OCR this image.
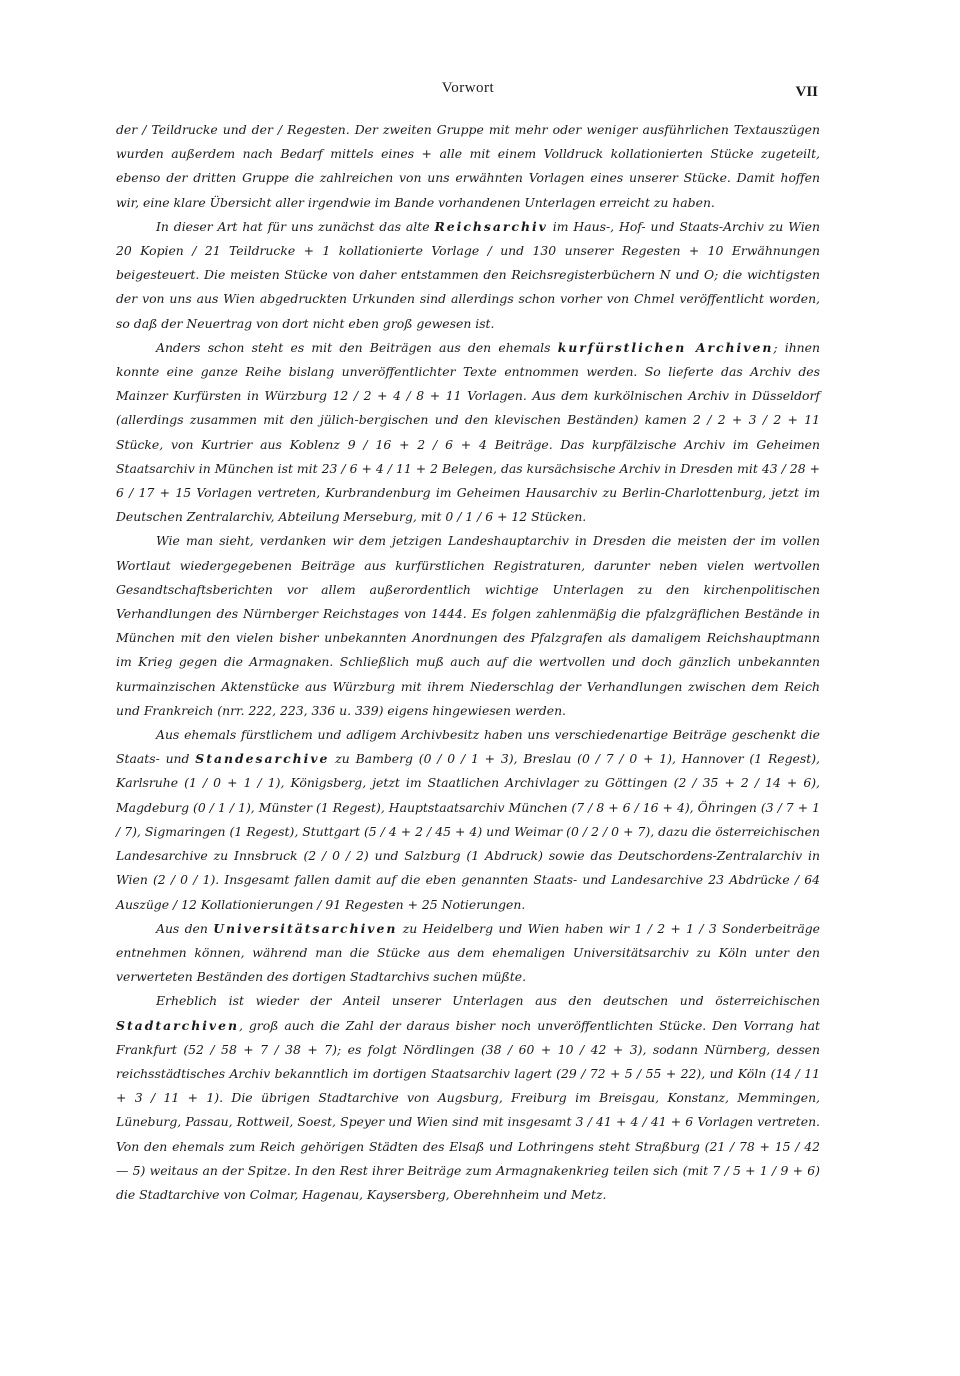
Vorwort	VII

der / Teildrucke und der / Regesten. Der zweiten Gruppe mit mehr oder weniger ausführlichen Textauszügen wurden außerdem nach Bedarf mittels eines + alle mit einem Volldruck kollationierten Stücke zugeteilt, ebenso der dritten Gruppe die zahlreichen von uns erwähnten Vorlagen eines unserer Stücke. Damit hoffen wir, eine klare Übersicht aller irgendwie im Bande vorhandenen Unterlagen erreicht zu haben.

In dieser Art hat für uns zunächst das alte Reichsarchiv im Haus-, Hof- und Staats-Archiv zu Wien 20 Kopien / 21 Teildrucke + 1 kollationierte Vorlage / und 130 unserer Regesten + 10 Erwähnungen beigesteuert. Die meisten Stücke von daher entstammen den Reichsregisterbüchern N und O; die wichtigsten der von uns aus Wien abgedruckten Urkunden sind allerdings schon vorher von Chmel veröffentlicht worden, so daß der Neuertrag von dort nicht eben groß gewesen ist.

Anders schon steht es mit den Beiträgen aus den ehemals kurfürstlichen Archiven; ihnen konnte eine ganze Reihe bislang unveröffentlichter Texte entnommen werden. So lieferte das Archiv des Mainzer Kurfürsten in Würzburg 12 / 2 + 4 / 8 + 11 Vorlagen. Aus dem kurkölnischen Archiv in Düsseldorf (allerdings zusammen mit den jülich-bergischen und den klevischen Beständen) kamen 2 / 2 + 3 / 2 + 11 Stücke, von Kurtrier aus Koblenz 9 / 16 + 2 / 6 + 4 Beiträge. Das kurpfälzische Archiv im Geheimen Staatsarchiv in München ist mit 23 / 6 + 4 / 11 + 2 Belegen, das kursächsische Archiv in Dresden mit 43 / 28 + 6 / 17 + 15 Vorlagen vertreten, Kurbrandenburg im Geheimen Hausarchiv zu Berlin-Charlottenburg, jetzt im Deutschen Zentralarchiv, Abteilung Merseburg, mit 0 / 1 / 6 + 12 Stücken.

Wie man sieht, verdanken wir dem jetzigen Landeshauptarchiv in Dresden die meisten der im vollen Wortlaut wiedergegebenen Beiträge aus kurfürstlichen Registraturen, darunter neben vielen wertvollen Gesandtschaftsberichten vor allem außerordentlich wichtige Unterlagen zu den kirchenpolitischen Verhandlungen des Nürnberger Reichstages von 1444. Es folgen zahlenmäßig die pfalzgräflichen Bestände in München mit den vielen bisher unbekannten Anordnungen des Pfalzgrafen als damaligem Reichshauptmann im Krieg gegen die Armagnaken. Schließlich muß auch auf die wertvollen und doch gänzlich unbekannten kurmainzischen Aktenstücke aus Würzburg mit ihrem Niederschlag der Verhandlungen zwischen dem Reich und Frankreich (nrr. 222, 223, 336 u. 339) eigens hingewiesen werden.

Aus ehemals fürstlichem und adligem Archivbesitz haben uns verschiedenartige Beiträge geschenkt die Staats- und Standesarchive zu Bamberg (0 / 0 / 1 + 3), Breslau (0 / 7 / 0 + 1), Hannover (1 Regest), Karlsruhe (1 / 0 + 1 / 1), Königsberg, jetzt im Staatlichen Archivlager zu Göttingen (2 / 35 + 2 / 14 + 6), Magdeburg (0 / 1 / 1), Münster (1 Regest), Hauptstaatsarchiv München (7 / 8 + 6 / 16 + 4), Öhringen (3 / 7 + 1 / 7), Sigmaringen (1 Regest), Stuttgart (5 / 4 + 2 / 45 + 4) und Weimar (0 / 2 / 0 + 7), dazu die österreichischen Landesarchive zu Innsbruck (2 / 0 / 2) und Salzburg (1 Abdruck) sowie das Deutschordens-Zentralarchiv in Wien (2 / 0 / 1). Insgesamt fallen damit auf die eben genannten Staats- und Landesarchive 23 Abdrücke / 64 Auszüge / 12 Kollationierungen / 91 Regesten + 25 Notierungen.

Aus den Universitätsarchiven zu Heidelberg und Wien haben wir 1 / 2 + 1 / 3 Sonderbeiträge entnehmen können, während man die Stücke aus dem ehemaligen Universitätsarchiv zu Köln unter den verwerteten Beständen des dortigen Stadtarchivs suchen müßte.

Erheblich ist wieder der Anteil unserer Unterlagen aus den deutschen und österreichischen Stadtarchiven, groß auch die Zahl der daraus bisher noch unveröffentlichten Stücke. Den Vorrang hat Frankfurt (52 / 58 + 7 / 38 + 7); es folgt Nördlingen (38 / 60 + 10 / 42 + 3), sodann Nürnberg, dessen reichsstädtisches Archiv bekanntlich im dortigen Staatsarchiv lagert (29 / 72 + 5 / 55 + 22), und Köln (14 / 11 + 3 / 11 + 1). Die übrigen Stadtarchive von Augsburg, Freiburg im Breisgau, Konstanz, Memmingen, Lüneburg, Passau, Rottweil, Soest, Speyer und Wien sind mit insgesamt 3 / 41 + 4 / 41 + 6 Vorlagen vertreten. Von den ehemals zum Reich gehörigen Städten des Elsaß und Lothringens steht Straßburg (21 / 78 + 15 / 42 — 5) weitaus an der Spitze. In den Rest ihrer Beiträge zum Armagnakenkrieg teilen sich (mit 7 / 5 + 1 / 9 + 6) die Stadtarchive von Colmar, Hagenau, Kaysersberg, Oberehnheim und Metz.
